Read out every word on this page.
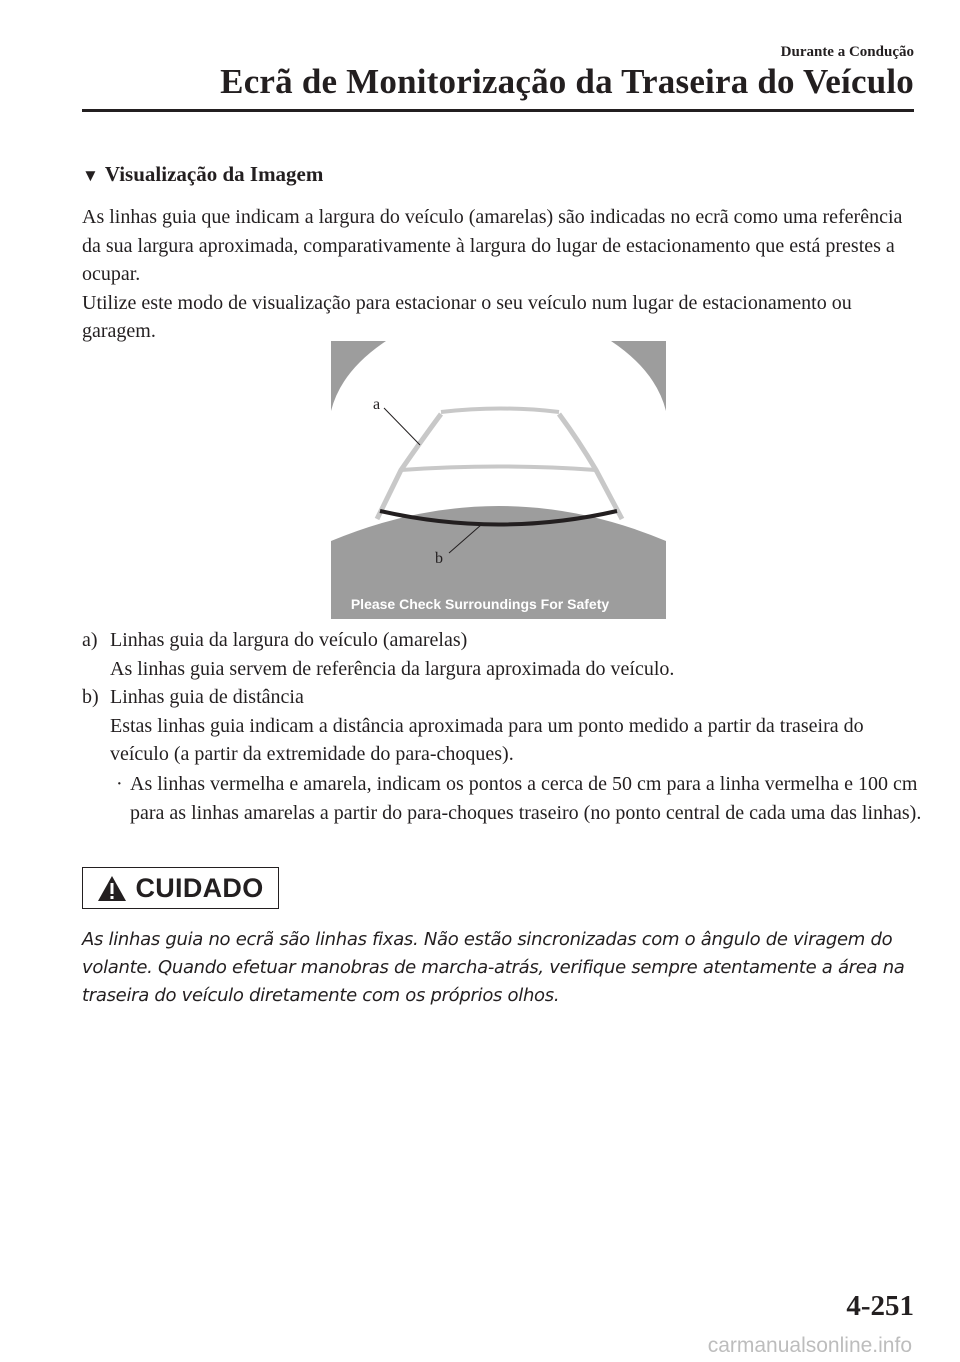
Durante a Condução
Ecrã de Monitorização da Traseira do Veículo
▼ Visualização da Imagem

As linhas guia que indicam a largura do veículo (amarelas) são indicadas no ecrã como uma referência da sua largura aproximada, comparativamente à largura do lugar de estacionamento que está prestes a ocupar.

Utilize este modo de visualização para estacionar o seu veículo num lugar de estacionamento ou garagem.

a
b
Please Check Surroundings For Safety
a) Linhas guia da largura do veículo (amarelas)

As linhas guia servem de referência da largura aproximada do veículo.

b) Linhas guia de distância

Estas linhas guia indicam a distância aproximada para um ponto medido a partir da traseira do veículo (a partir da extremidade do para-choques).

· As linhas vermelha e amarela, indicam os pontos a cerca de 50 cm para a linha vermelha e 100 cm para as linhas amarelas a partir do para-choques traseiro (no ponto central de cada uma das linhas).
CUIDADO
As linhas guia no ecrã são linhas fixas. Não estão sincronizadas com o ângulo de viragem do volante. Quando efetuar manobras de marcha-atrás, verifique sempre atentamente a área na traseira do veículo diretamente com os próprios olhos.
4-251
carmanualsonline.info
